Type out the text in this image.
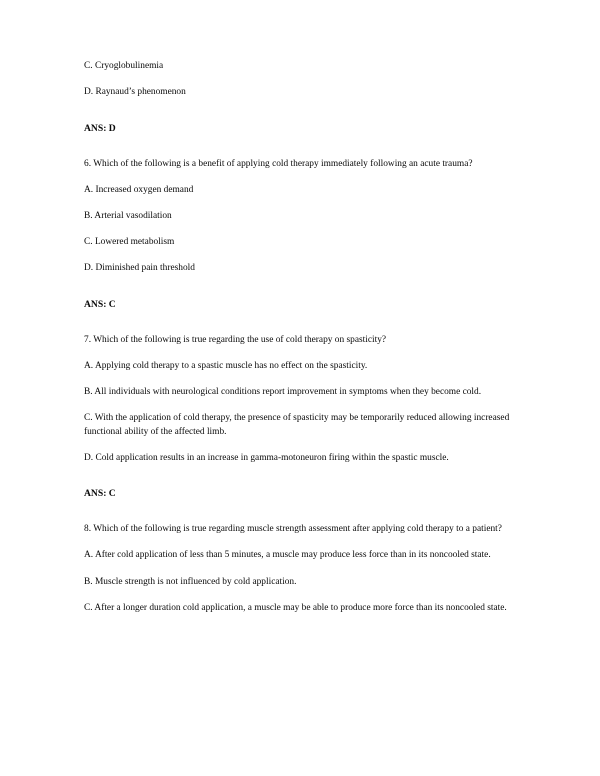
C. Cryoglobulinemia
D. Raynaud’s phenomenon
ANS: D
6. Which of the following is a benefit of applying cold therapy immediately following an acute trauma?
A. Increased oxygen demand
B. Arterial vasodilation
C. Lowered metabolism
D. Diminished pain threshold
ANS: C
7. Which of the following is true regarding the use of cold therapy on spasticity?
A. Applying cold therapy to a spastic muscle has no effect on the spasticity.
B. All individuals with neurological conditions report improvement in symptoms when they become cold.
C. With the application of cold therapy, the presence of spasticity may be temporarily reduced allowing increased functional ability of the affected limb.
D. Cold application results in an increase in gamma-motoneuron firing within the spastic muscle.
ANS: C
8. Which of the following is true regarding muscle strength assessment after applying cold therapy to a patient?
A. After cold application of less than 5 minutes, a muscle may produce less force than in its noncooled state.
B. Muscle strength is not influenced by cold application.
C. After a longer duration cold application, a muscle may be able to produce more force than its noncooled state.
